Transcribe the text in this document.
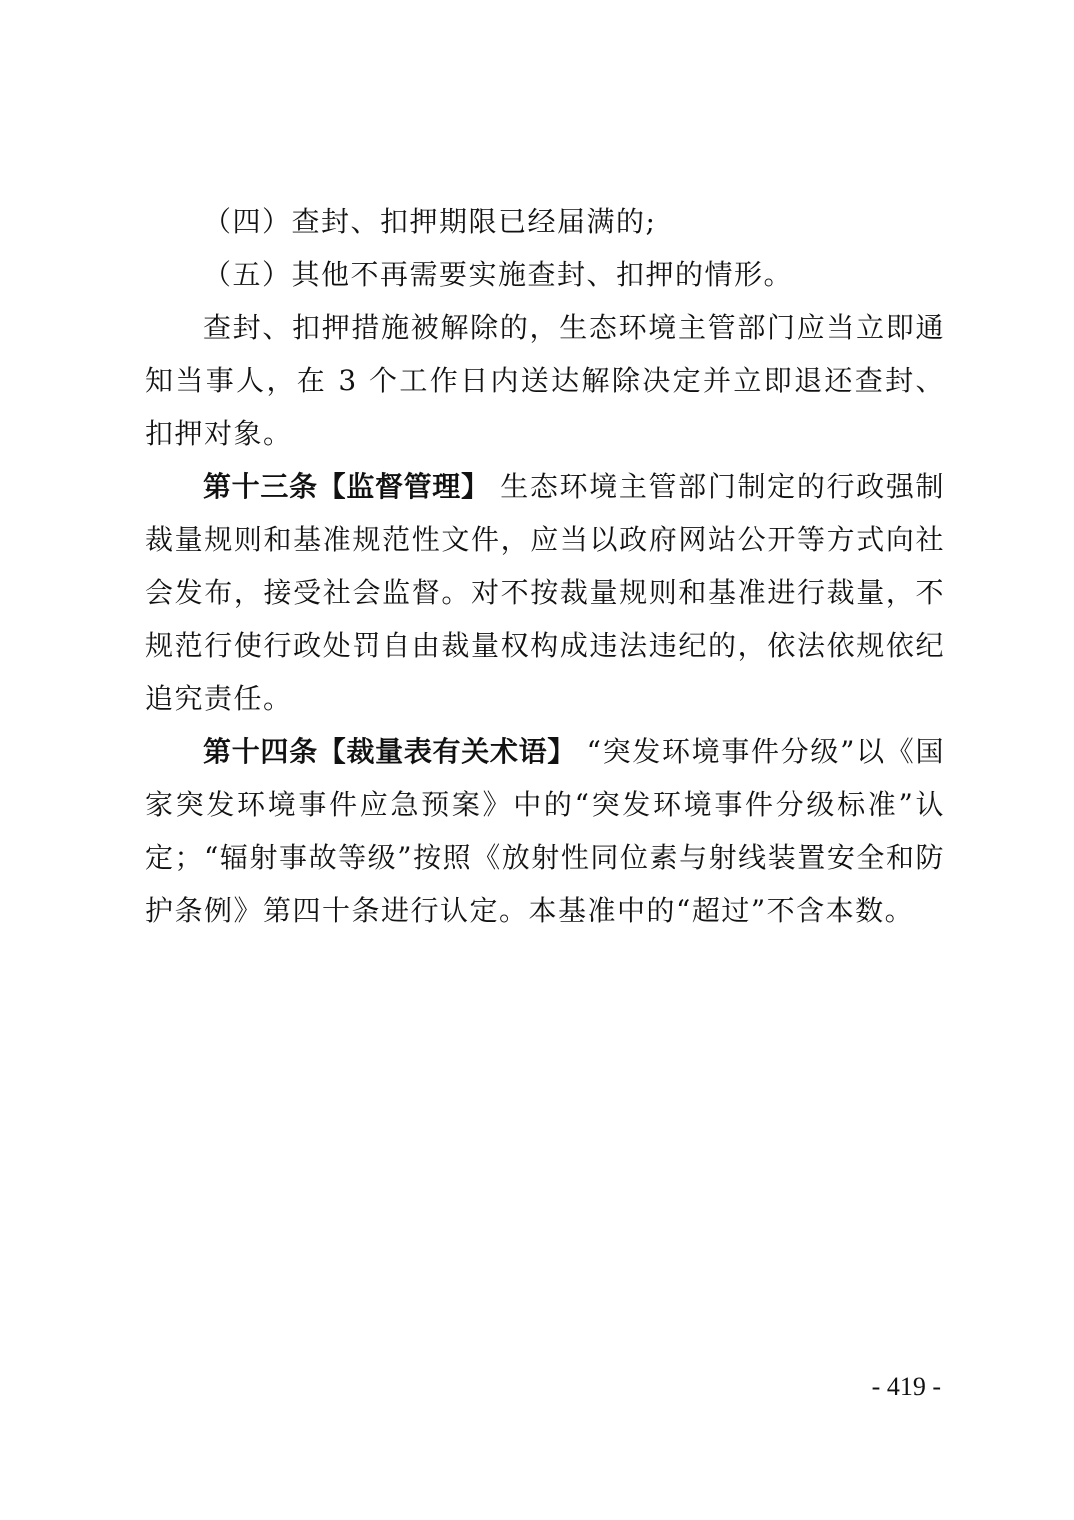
（四）查封、扣押期限已经届满的;

（五）其他不再需要实施查封、扣押的情形。

查封、扣押措施被解除的，生态环境主管部门应当立即通知当事人，在 3 个工作日内送达解除决定并立即退还查封、扣押对象。

第十三条【监督管理】 生态环境主管部门制定的行政强制裁量规则和基准规范性文件，应当以政府网站公开等方式向社会发布，接受社会监督。对不按裁量规则和基准进行裁量，不规范行使行政处罚自由裁量权构成违法违纪的，依法依规依纪追究责任。

第十四条【裁量表有关术语】 “突发环境事件分级”以《国家突发环境事件应急预案》中的“突发环境事件分级标准”认定；“辐射事故等级”按照《放射性同位素与射线装置安全和防护条例》第四十条进行认定。本基准中的“超过”不含本数。

- 419 -
